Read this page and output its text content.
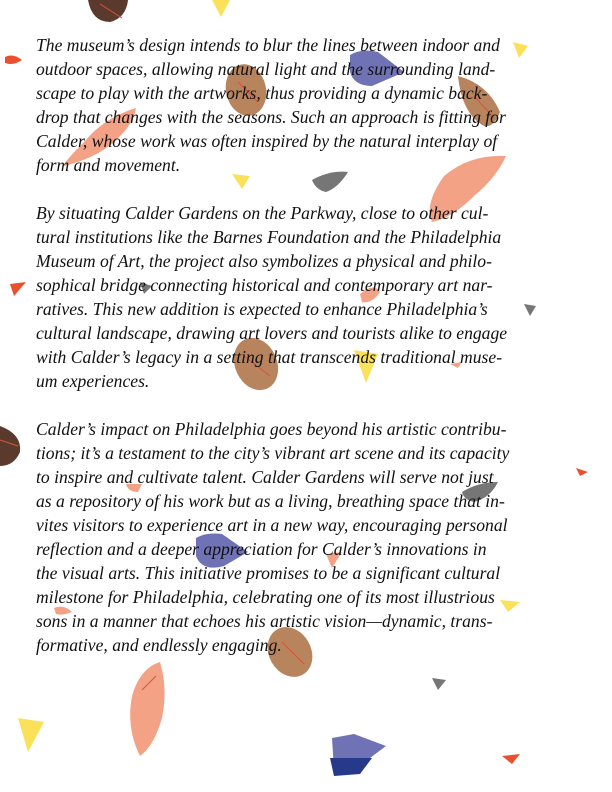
The museum’s design intends to blur the lines between indoor and
outdoor spaces, allowing natural light and the surrounding land-
scape to play with the artworks, thus providing a dynamic back-
drop that changes with the seasons. Such an approach is fitting for
Calder, whose work was often inspired by the natural interplay of
form and movement.

By situating Calder Gardens on the Parkway, close to other cul-
tural institutions like the Barnes Foundation and the Philadelphia
Museum of Art, the project also symbolizes a physical and philo-
sophical bridge connecting historical and contemporary art nar-
ratives. This new addition is expected to enhance Philadelphia’s
cultural landscape, drawing art lovers and tourists alike to engage
with Calder’s legacy in a setting that transcends traditional muse-
um experiences.

Calder’s impact on Philadelphia goes beyond his artistic contribu-
tions; it’s a testament to the city’s vibrant art scene and its capacity
to inspire and cultivate talent. Calder Gardens will serve not just
as a repository of his work but as a living, breathing space that in-
vites visitors to experience art in a new way, encouraging personal
reflection and a deeper appreciation for Calder’s innovations in
the visual arts. This initiative promises to be a significant cultural
milestone for Philadelphia, celebrating one of its most illustrious
sons in a manner that echoes his artistic vision—dynamic, trans-
formative, and endlessly engaging.
